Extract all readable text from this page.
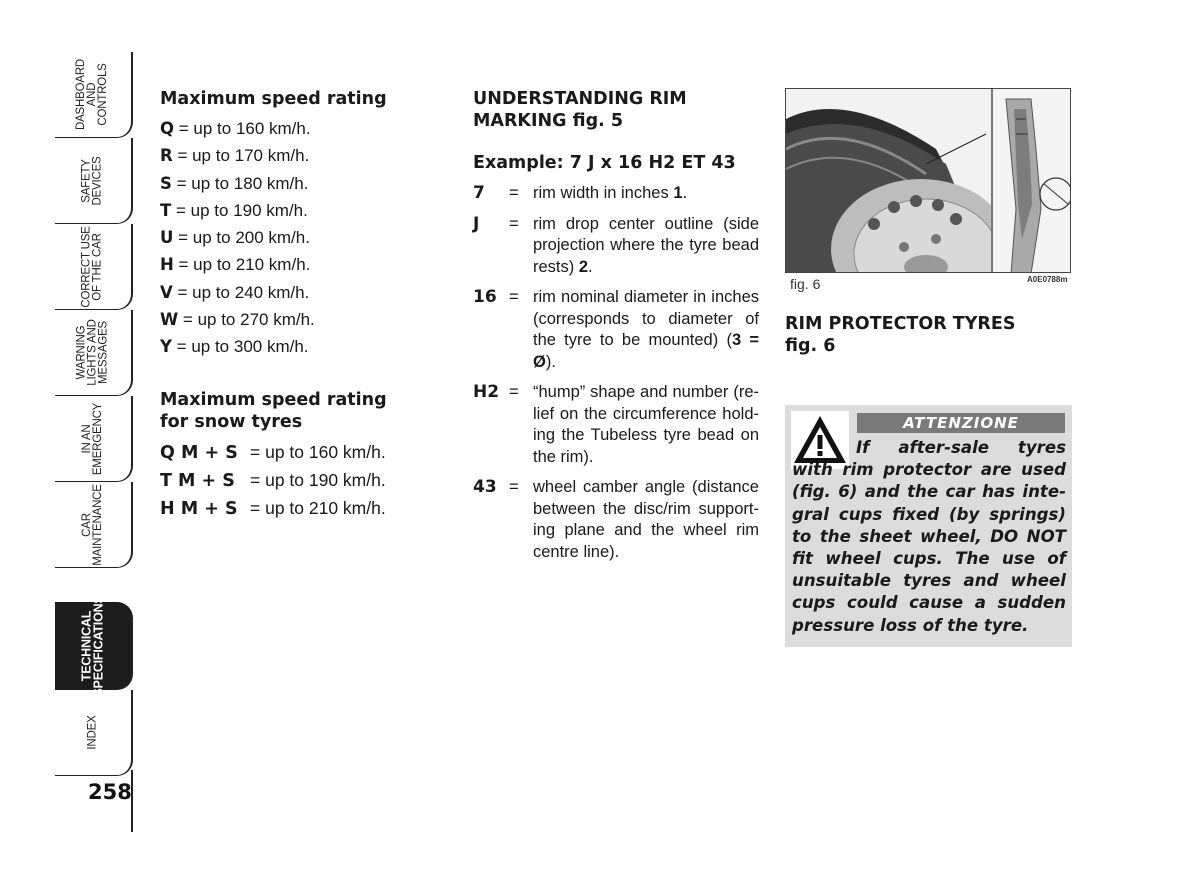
DASHBOARD
AND
CONTROLS
SAFETY
DEVICES
CORRECT USE
OF THE CAR
WARNING
LIGHTS AND
MESSAGES
IN AN
EMERGENCY
CAR
MAINTENANCE
TECHNICAL
SPECIFICATIONS
INDEX
258
Maximum speed rating
Q = up to 160 km/h.
R = up to 170 km/h.
S = up to 180 km/h.
T = up to 190 km/h.
U = up to 200 km/h.
H = up to 210 km/h.
V = up to 240 km/h.
W = up to 270 km/h.
Y = up to 300 km/h.
Maximum speed rating
for snow tyres
Q M + S = up to 160 km/h.
T M + S = up to 190 km/h.
H M + S = up to 210 km/h.
UNDERSTANDING RIM
MARKING fig. 5
Example: 7 J x 16 H2 ET 43
7	= rim width in inches 1.
J	= rim drop center outline (side projection where the tyre bead rests) 2.
16 = rim nominal diameter in inches (corresponds to diameter of the tyre to be mounted) (3 = Ø).
H2 = “hump” shape and number (relief on the circumference holding the Tubeless tyre bead on the rim).
43 = wheel camber angle (distance between the disc/rim supporting plane and the wheel rim centre line).
fig. 6	A0E0788m
RIM PROTECTOR TYRES
fig. 6
ATTENZIONE
If after-sale tyres with rim protector are used (fig. 6) and the car has integral cups fixed (by springs) to the sheet wheel, DO NOT fit wheel cups. The use of unsuitable tyres and wheel cups could cause a sudden pressure loss of the tyre.
